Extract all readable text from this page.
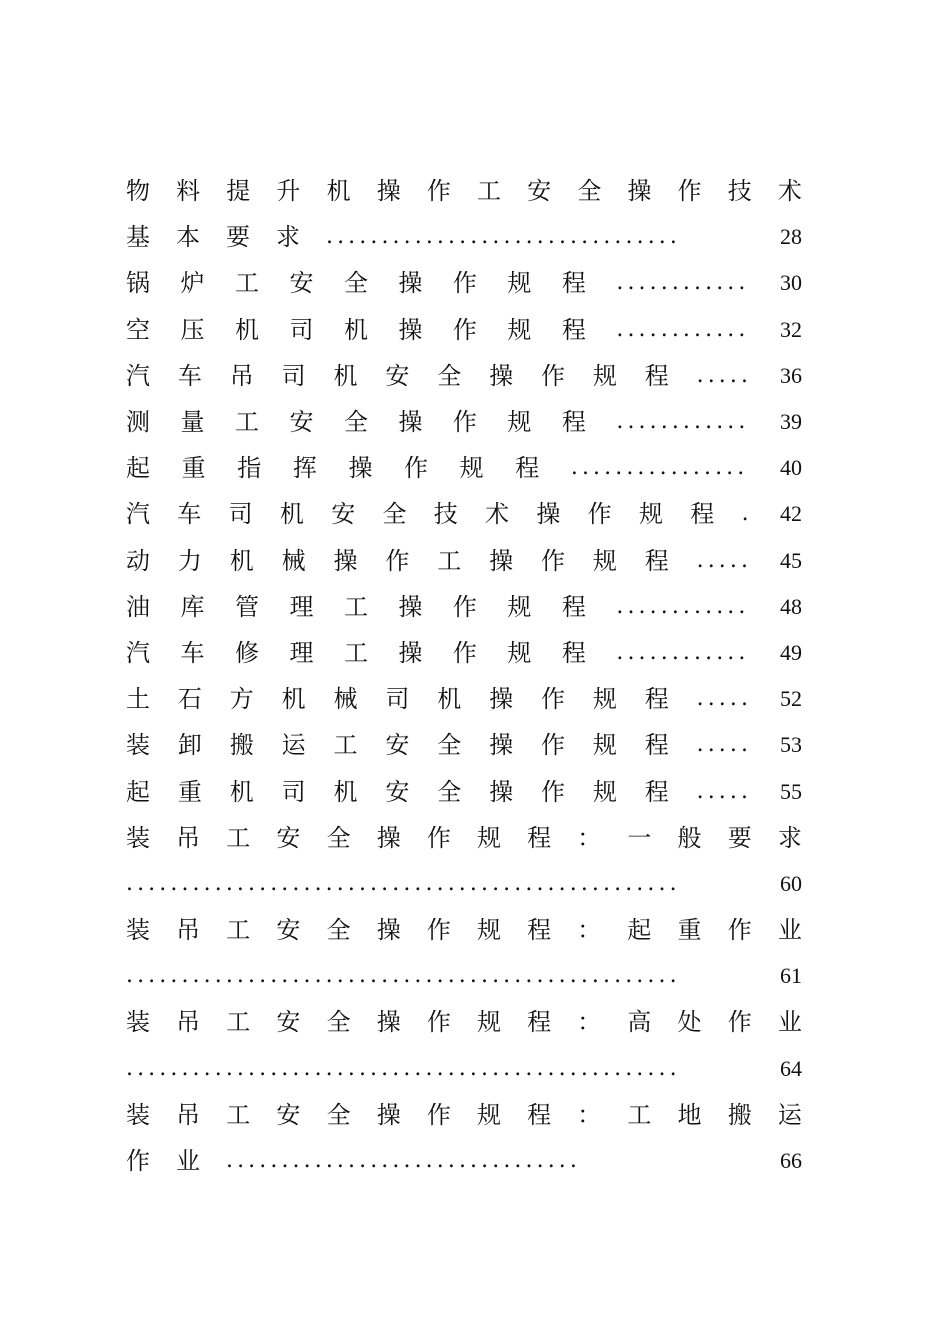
物 料 提 升 机 操 作 工 安 全 操 作 技 术
基 本 要 求 ................................	28
锅 炉 工 安 全 操 作 规 程 ............ 30
空 压 机 司 机 操 作 规 程 ............ 32
汽 车 吊 司 机 安 全 操 作 规 程 ..... 36
测 量 工 安 全 操 作 规 程 ............ 39
起 重 指 挥 操 作 规 程 ................ 40
汽 车 司 机 安 全 技 术 操 作 规 程 . 42
动 力 机 械 操 作 工 操 作 规 程 ..... 45
油 库 管 理 工 操 作 规 程 ............ 48
汽 车 修 理 工 操 作 规 程 ............ 49
土 石 方 机 械 司 机 操 作 规 程 ..... 52
装 卸 搬 运 工 安 全 操 作 规 程 ..... 53
起 重 机 司 机 安 全 操 作 规 程 ..... 55
装 吊 工 安 全 操 作 规 程 ： 一 般 要 求
..................................................	60
装 吊 工 安 全 操 作 规 程 ： 起 重 作 业
..................................................	61
装 吊 工 安 全 操 作 规 程 ： 高 处 作 业
..................................................	64
装 吊 工 安 全 操 作 规 程 ： 工 地 搬 运
作 业 ................................	66
